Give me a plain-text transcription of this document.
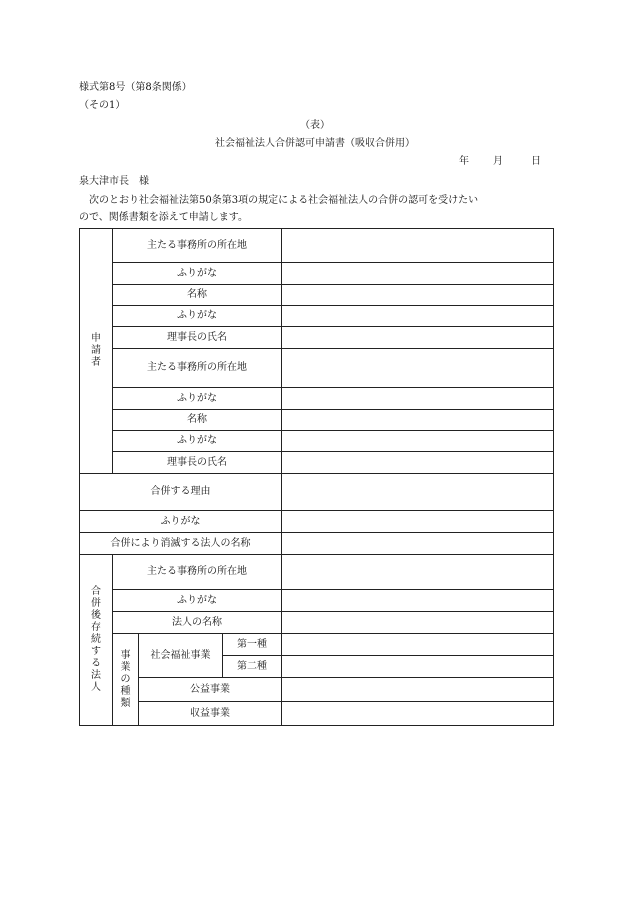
様式第8号（第8条関係）
（その1）
（表）
社会福祉法人合併認可申請書（吸収合併用）
年 月	日
泉大津市長　様
次のとおり社会福祉法第50条第3項の規定による社会福祉法人の合併の認可を受けたい
ので、関係書類を添えて申請します。
申請者	主たる事務所の所在地			
	ふりがな			
	名称			
	ふりがな			
	理事長の氏名			
	主たる事務所の所在地			
	ふりがな			
	名称			
	ふりがな			
	理事長の氏名			
合併する理由				
ふりがな				
合併により消滅する法人の名称				
合併後存続する法人	主たる事務所の所在地			
	ふりがな			
	法人の名称			
	事業の種類	社会福祉事業	第一種	
			第二種	
		公益事業		
		収益事業		
